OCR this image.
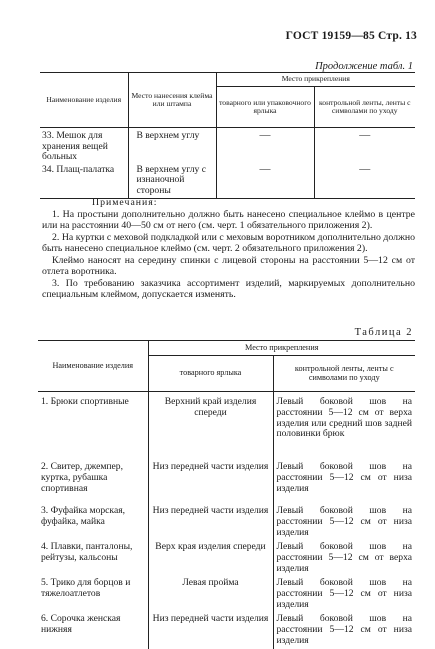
ГОСТ 19159—85 Стр. 13
Продолжение табл. 1
Наименование изделия	Место нанесения клейма или штампа	Место прикрепления	
		товарного или упаковочного ярлыка	контрольной ленты, ленты с символами по уходу
33. Мешок для хранения вещей больных	В верхнем углу	—	—
34. Плащ-палатка	В верхнем углу с изнаночной стороны	—	—

Примечания:

1. На простыни дополнительно должно быть нанесено специальное клеймо в центре или на расстоянии 40—50 см от него (см. черт. 1 обязательного приложения 2).

2. На куртки с меховой подкладкой или с меховым воротником дополнительно должно быть нанесено специальное клеймо (см. черт. 2 обязательного приложения 2).

Клеймо наносят на середину спинки с лицевой стороны на расстоянии 5—12 см от отлета воротника.

3. По требованию заказчика ассортимент изделий, маркируемых дополнительно специальным клеймом, допускается изменять.

Таблица 2
Наименование изделия	Место прикрепления	
	товарного ярлыка	контрольной ленты, ленты с символами по уходу
1. Брюки спортивные	Верхний край изделия спереди	Левый боковой шов на расстоянии 5—12 см от верха изделия или средний шов задней половинки брюк
2. Свитер, джемпер, куртка, рубашка спортивная	Низ передней части изделия	Левый боковой шов на расстоянии 5—12 см от низа изделия
3. Фуфайка морская, фуфайка, майка	Низ передней части изделия	Левый боковой шов на расстоянии 5—12 см от низа изделия
4. Плавки, панталоны, рейтузы, кальсоны	Верх края изделия спереди	Левый боковой шов на расстоянии 5—12 см от верха изделия
5. Трико для борцов и тяжелоатлетов	Левая пройма	Левый боковой шов на расстоянии 5—12 см от низа изделия
6. Сорочка женская нижняя	Низ передней части изделия	Левый боковой шов на расстоянии 5—12 см от низа изделия
